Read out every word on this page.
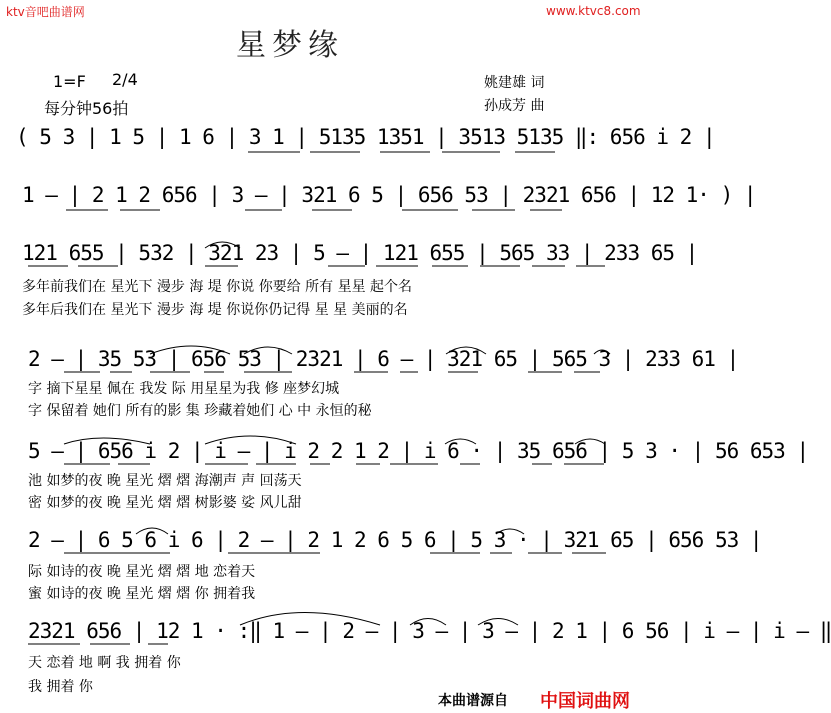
ktv音吧曲谱网	www.ktvc8.com
星梦缘
1=F 2/4
每分钟56拍
姚建雄 词
孙成芳 曲
( 5 3 | 1 5 | 1 6 | 3 1 | 5135 1351 | 3513 5135 ‖: 656 i 2 |
1 – | 2 1 2 656 | 3 – | 321 6 5 | 656 53 | 2321 656 | 12 1· ) |
121 655 | 532 | 321 23 | 5 – | 121 655 | 565 33 | 233 65 |
多年前我们在 星光下 漫步 海 堤 你说 你要给 所有 星星 起个名
多年后我们在 星光下 漫步 海 堤 你说你仍记得 星 星 美丽的名
2 – | 35 53 | 656 53 | 2321 | 6 – | 321 65 | 565 3 | 233 61 |
字 摘下星星 佩在 我发 际 用星星为我 修 座梦幻城
字 保留着 她们 所有的影 集 珍藏着她们 心 中 永恒的秘
5 – | 656 i 2 | i – | i 2 2 1 2 | i 6 · | 35 656 | 5 3 · | 56 653 |
池 如梦的夜 晚 星光 熠 熠 海潮声 声 回荡天
密 如梦的夜 晚 星光 熠 熠 树影婆 娑 风儿甜
2 – | 6 5 6 i 6 | 2 – | 2 1 2 6 5 6 | 5 3 · | 321 65 | 656 53 |
际 如诗的夜 晚 星光 熠 熠 地 恋着天
蜜 如诗的夜 晚 星光 熠 熠 你 拥着我
2321 656 | 12 1 · :‖ 1 – | 2 – | 3 – | 3 – | 2 1 | 6 56 | i – | i – ‖
天 恋着 地 啊 我 拥着 你
我 拥着 你
本曲谱源自 中国词曲网
